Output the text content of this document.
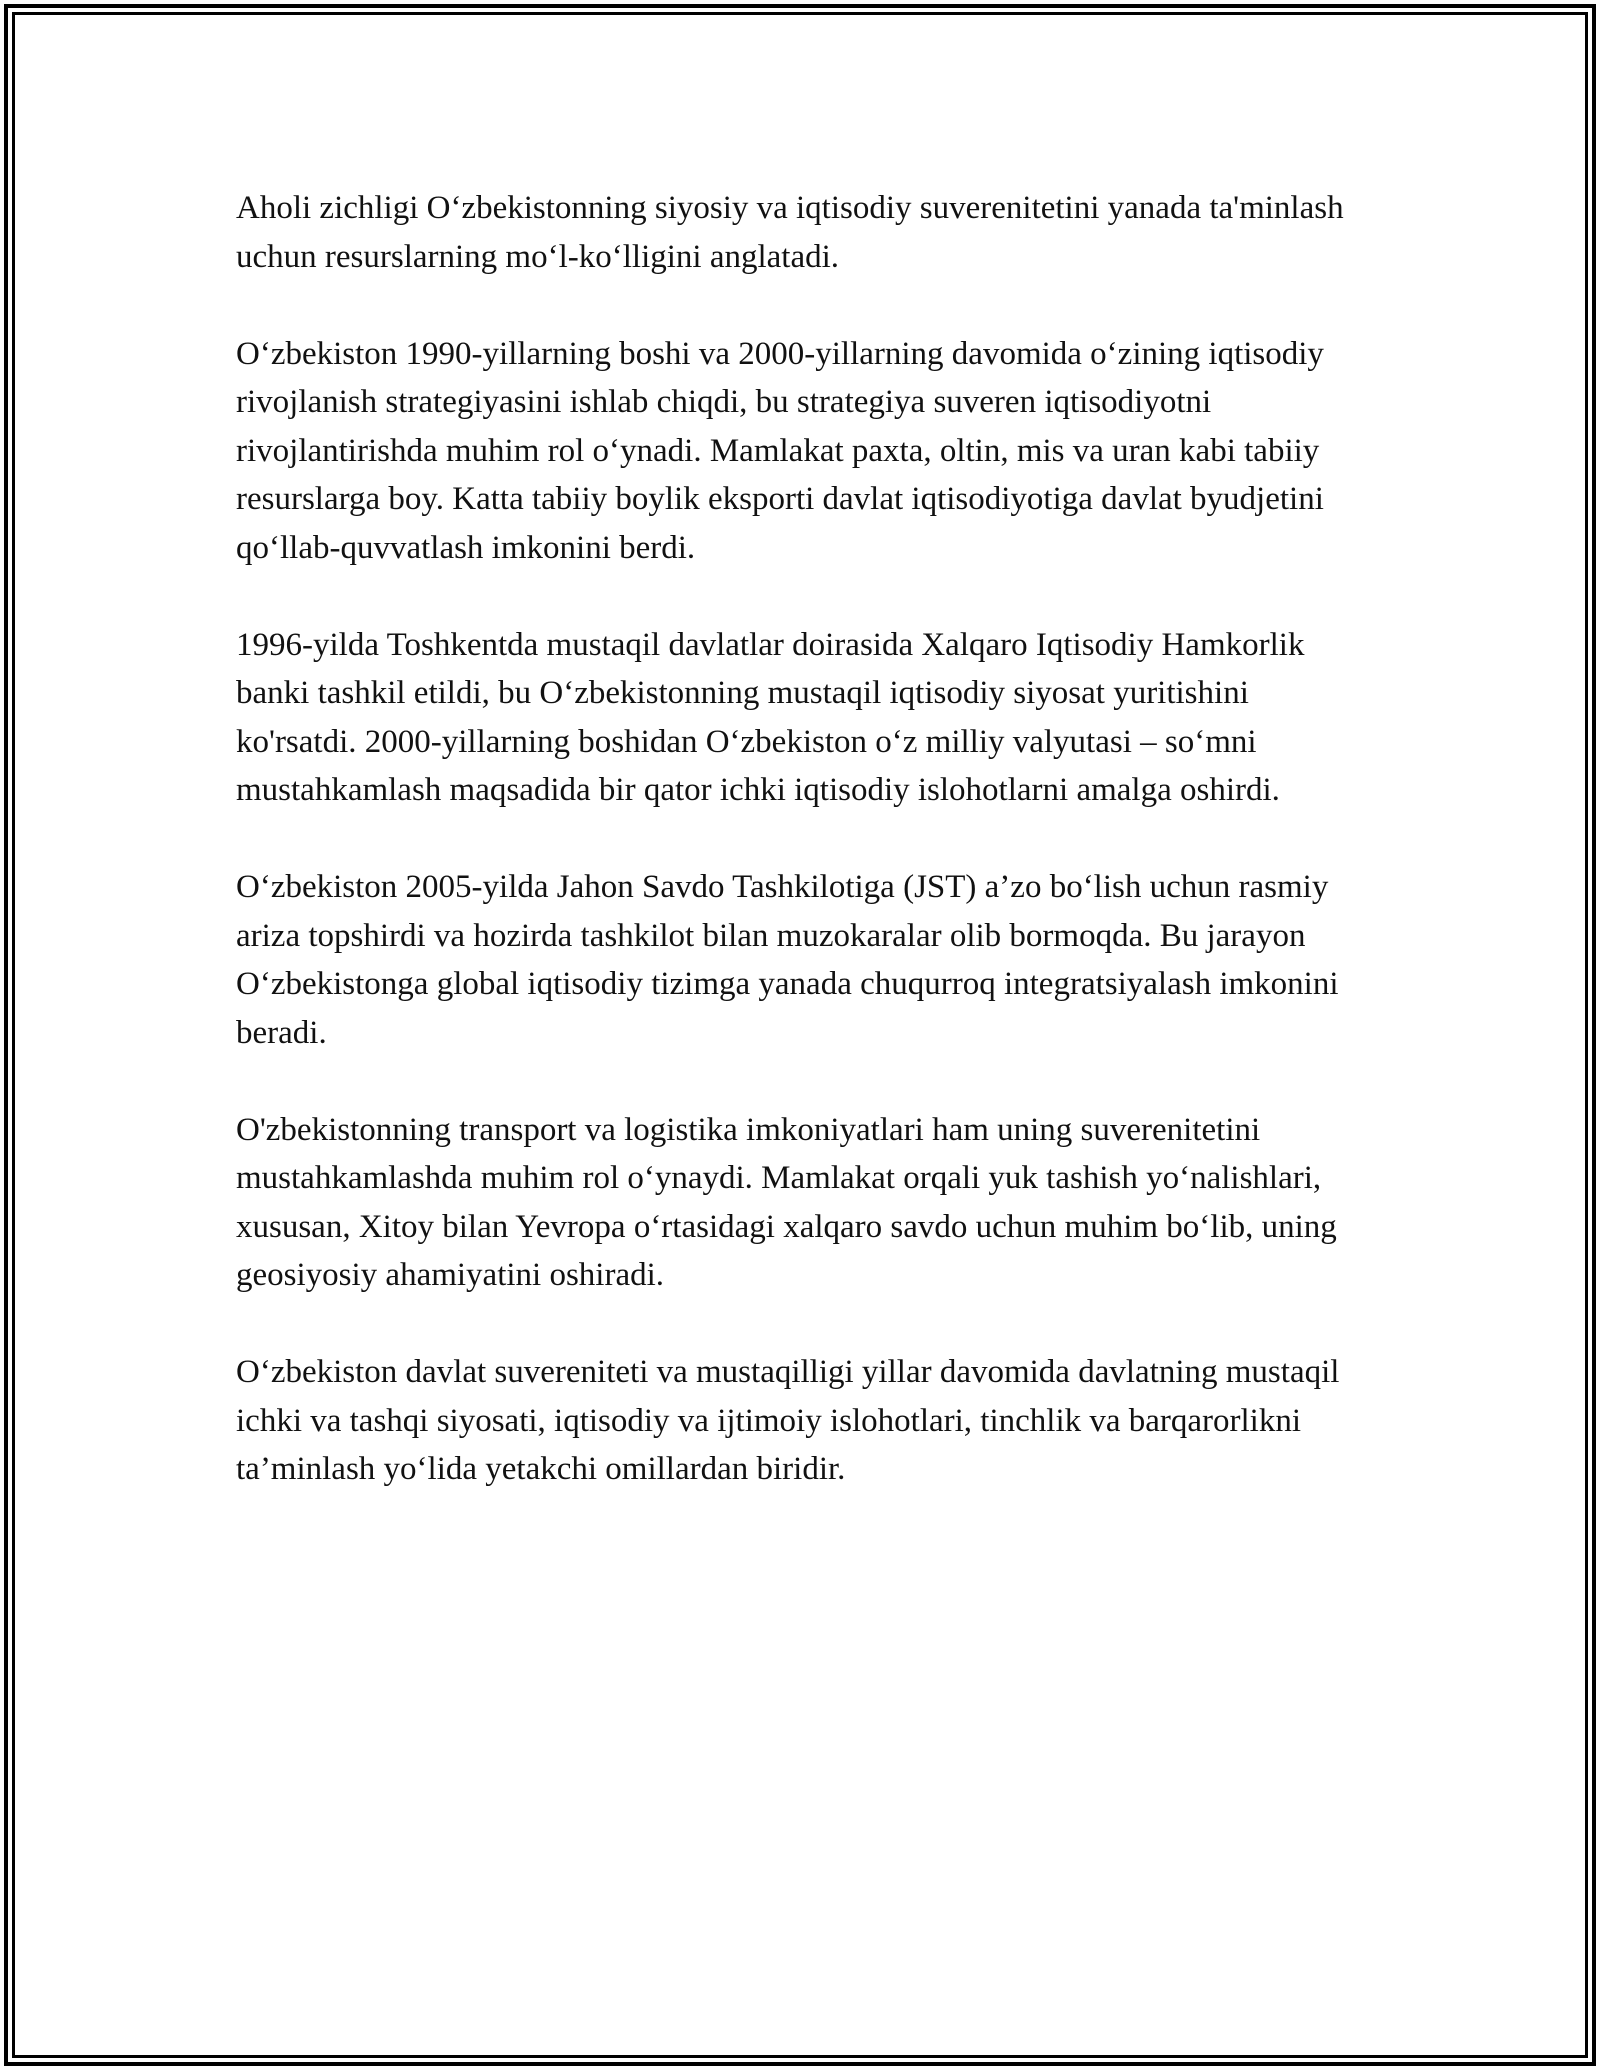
Aholi zichligi O‘zbekistonning siyosiy va iqtisodiy suverenitetini yanada ta'minlash uchun resurslarning mo‘l-ko‘lligini anglatadi.

O‘zbekiston 1990-yillarning boshi va 2000-yillarning davomida o‘zining iqtisodiy rivojlanish strategiyasini ishlab chiqdi, bu strategiya suveren iqtisodiyotni rivojlantirishda muhim rol o‘ynadi. Mamlakat paxta, oltin, mis va uran kabi tabiiy resurslarga boy. Katta tabiiy boylik eksporti davlat iqtisodiyotiga davlat byudjetini qo‘llab-quvvatlash imkonini berdi.

1996-yilda Toshkentda mustaqil davlatlar doirasida Xalqaro Iqtisodiy Hamkorlik banki tashkil etildi, bu O‘zbekistonning mustaqil iqtisodiy siyosat yuritishini ko'rsatdi. 2000-yillarning boshidan O‘zbekiston o‘z milliy valyutasi – so‘mni mustahkamlash maqsadida bir qator ichki iqtisodiy islohotlarni amalga oshirdi.

O‘zbekiston 2005-yilda Jahon Savdo Tashkilotiga (JST) a’zo bo‘lish uchun rasmiy ariza topshirdi va hozirda tashkilot bilan muzokaralar olib bormoqda. Bu jarayon O‘zbekistonga global iqtisodiy tizimga yanada chuqurroq integratsiyalash imkonini beradi.

O'zbekistonning transport va logistika imkoniyatlari ham uning suverenitetini mustahkamlashda muhim rol o‘ynaydi. Mamlakat orqali yuk tashish yo‘nalishlari, xususan, Xitoy bilan Yevropa o‘rtasidagi xalqaro savdo uchun muhim bo‘lib, uning geosiyosiy ahamiyatini oshiradi.

O‘zbekiston davlat suvereniteti va mustaqilligi yillar davomida davlatning mustaqil ichki va tashqi siyosati, iqtisodiy va ijtimoiy islohotlari, tinchlik va barqarorlikni ta’minlash yo‘lida yetakchi omillardan biridir.
